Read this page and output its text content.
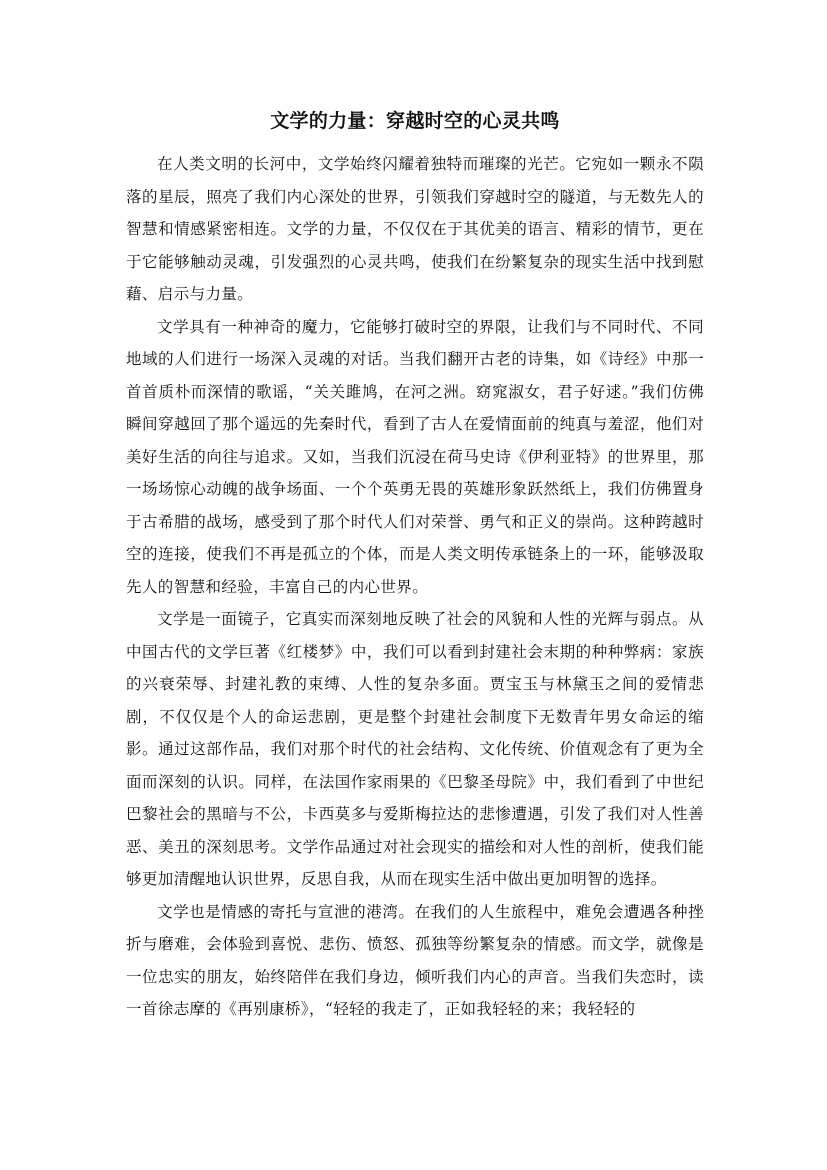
文学的力量：穿越时空的心灵共鸣

在人类文明的长河中，文学始终闪耀着独特而璀璨的光芒。它宛如一颗永不陨落的星辰，照亮了我们内心深处的世界，引领我们穿越时空的隧道，与无数先人的智慧和情感紧密相连。文学的力量，不仅仅在于其优美的语言、精彩的情节，更在于它能够触动灵魂，引发强烈的心灵共鸣，使我们在纷繁复杂的现实生活中找到慰藉、启示与力量。

文学具有一种神奇的魔力，它能够打破时空的界限，让我们与不同时代、不同地域的人们进行一场深入灵魂的对话。当我们翻开古老的诗集，如《诗经》中那一首首质朴而深情的歌谣，“关关雎鸠，在河之洲。窈窕淑女，君子好逑。”我们仿佛瞬间穿越回了那个遥远的先秦时代，看到了古人在爱情面前的纯真与羞涩，他们对美好生活的向往与追求。又如，当我们沉浸在荷马史诗《伊利亚特》的世界里，那一场场惊心动魄的战争场面、一个个英勇无畏的英雄形象跃然纸上，我们仿佛置身于古希腊的战场，感受到了那个时代人们对荣誉、勇气和正义的崇尚。这种跨越时空的连接，使我们不再是孤立的个体，而是人类文明传承链条上的一环，能够汲取先人的智慧和经验，丰富自己的内心世界。

文学是一面镜子，它真实而深刻地反映了社会的风貌和人性的光辉与弱点。从中国古代的文学巨著《红楼梦》中，我们可以看到封建社会末期的种种弊病：家族的兴衰荣辱、封建礼教的束缚、人性的复杂多面。贾宝玉与林黛玉之间的爱情悲剧，不仅仅是个人的命运悲剧，更是整个封建社会制度下无数青年男女命运的缩影。通过这部作品，我们对那个时代的社会结构、文化传统、价值观念有了更为全面而深刻的认识。同样，在法国作家雨果的《巴黎圣母院》中，我们看到了中世纪巴黎社会的黑暗与不公，卡西莫多与爱斯梅拉达的悲惨遭遇，引发了我们对人性善恶、美丑的深刻思考。文学作品通过对社会现实的描绘和对人性的剖析，使我们能够更加清醒地认识世界，反思自我，从而在现实生活中做出更加明智的选择。

文学也是情感的寄托与宣泄的港湾。在我们的人生旅程中，难免会遭遇各种挫折与磨难，会体验到喜悦、悲伤、愤怒、孤独等纷繁复杂的情感。而文学，就像是一位忠实的朋友，始终陪伴在我们身边，倾听我们内心的声音。当我们失恋时，读一首徐志摩的《再别康桥》，“轻轻的我走了，正如我轻轻的来；我轻轻的
